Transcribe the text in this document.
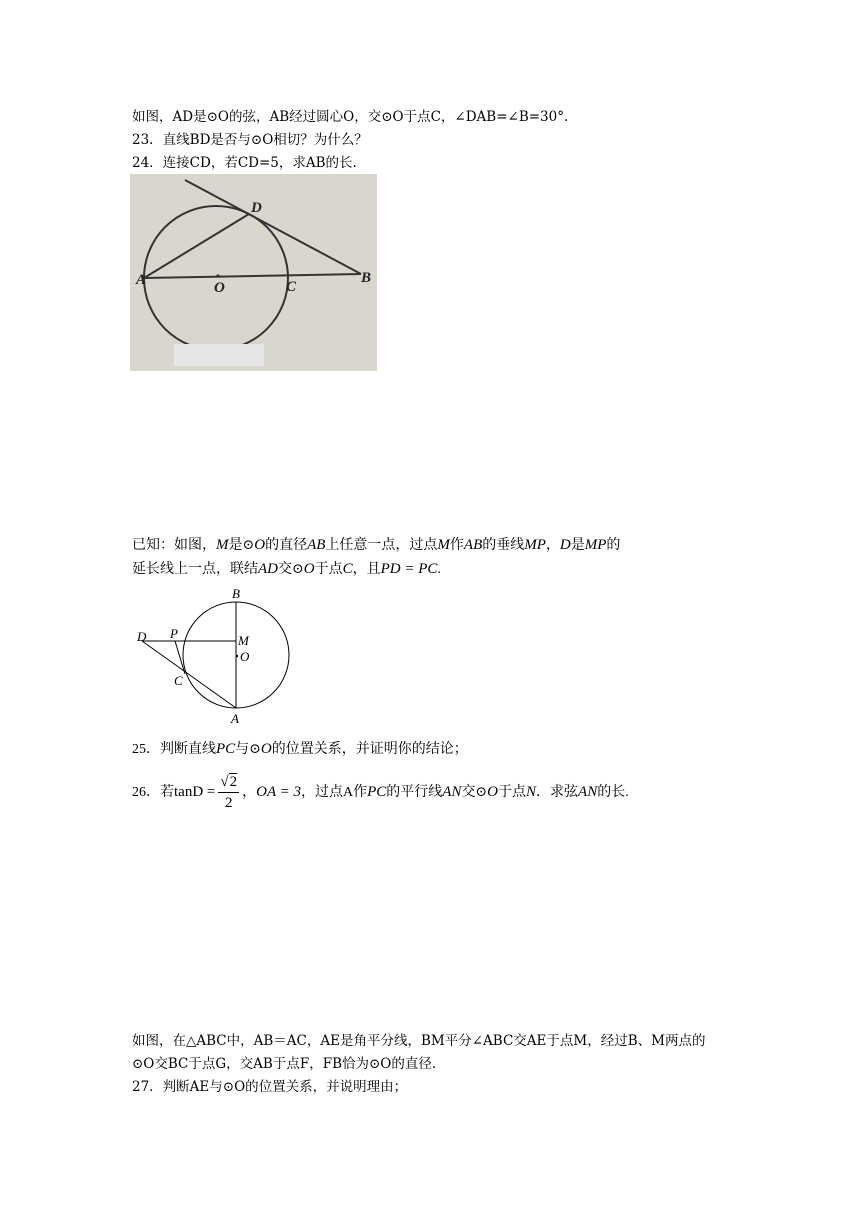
如图，AD是⊙O的弦，AB经过圆心O，交⊙O于点C，∠DAB=∠B=30°.
23．直线BD是否与⊙O相切？为什么？
24．连接CD，若CD=5，求AB的长.
D
A	O	C
B
已知：如图，M是⊙O的直径AB上任意一点，过点M作AB的垂线MP，D是MP的
延长线上一点，联结AD交⊙O于点C，且PD = PC.
B
D P	M
O
C
A
25．判断直线PC与⊙O的位置关系，并证明你的结论；
26．若$\tan D = \frac{√2}{2}$ ，OA = 3，过点A作PC的平行线AN交⊙O于点N．求弦AN的长.
如图，在△ABC中，AB＝AC，AE是角平分线，BM平分∠ABC交AE于点M，经过B、M两点的
⊙O交BC于点G，交AB于点F，FB恰为⊙O的直径.
27．判断AE与⊙O的位置关系，并说明理由；
